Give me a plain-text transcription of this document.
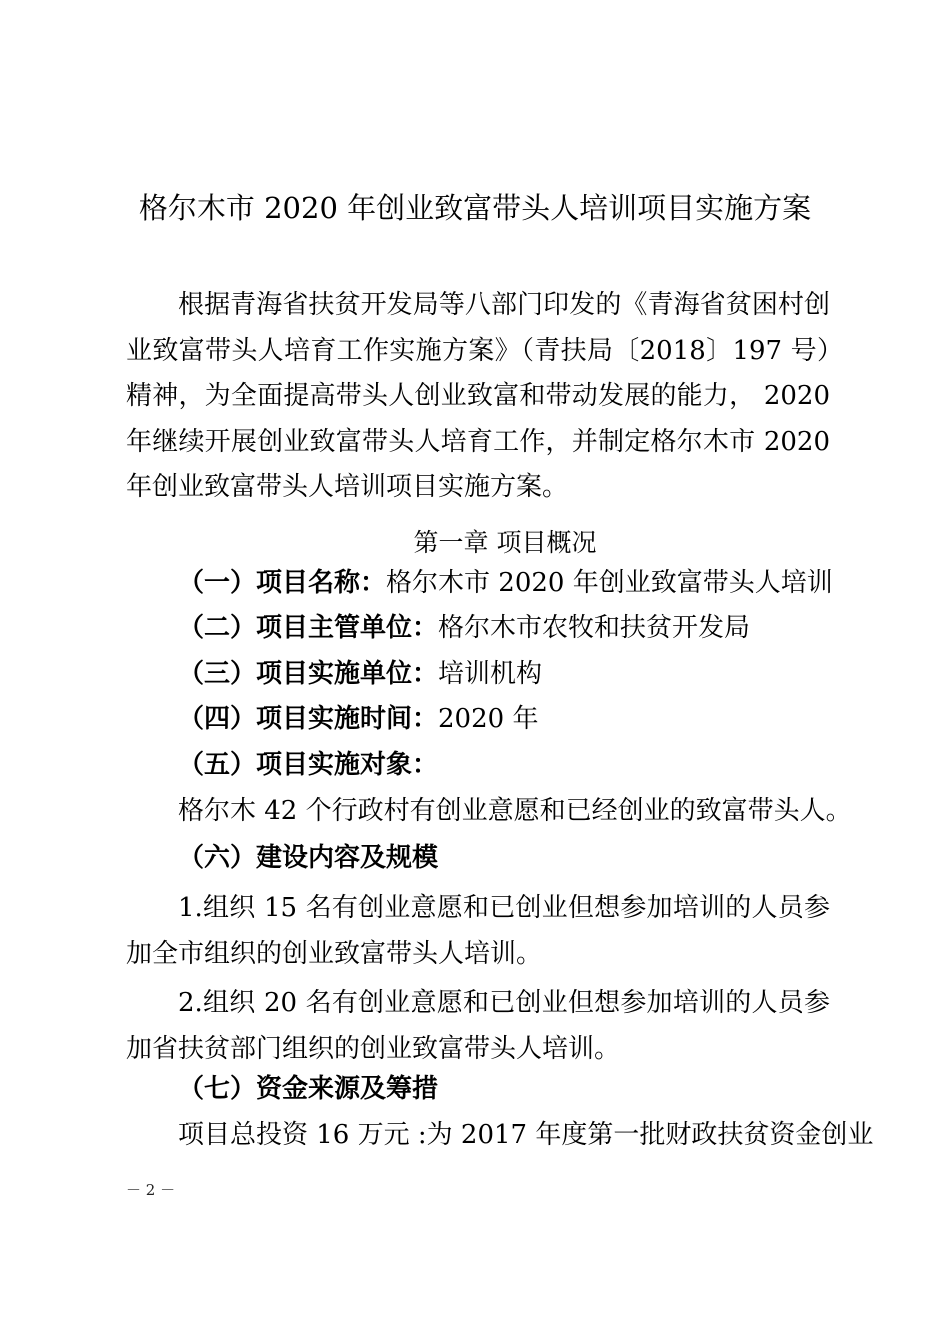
格尔木市 2020 年创业致富带头人培训项目实施方案
根据青海省扶贫开发局等八部门印发的《青海省贫困村创业致富带头人培育工作实施方案》（青扶局〔2018〕197 号）精神，为全面提高带头人创业致富和带动发展的能力， 2020 年继续开展创业致富带头人培育工作，并制定格尔木市 2020 年创业致富带头人培训项目实施方案。
第一章 项目概况
（一）项目名称：格尔木市 2020 年创业致富带头人培训
（二）项目主管单位：格尔木市农牧和扶贫开发局
（三）项目实施单位：培训机构
（四）项目实施时间：2020 年
（五）项目实施对象：
格尔木 42 个行政村有创业意愿和已经创业的致富带头人。
（六）建设内容及规模
1.组织 15 名有创业意愿和已创业但想参加培训的人员参加全市组织的创业致富带头人培训。
2.组织 20 名有创业意愿和已创业但想参加培训的人员参加省扶贫部门组织的创业致富带头人培训。
（七）资金来源及筹措
项目总投资 16 万元 :为 2017 年度第一批财政扶贫资金创业
－ 2 －
